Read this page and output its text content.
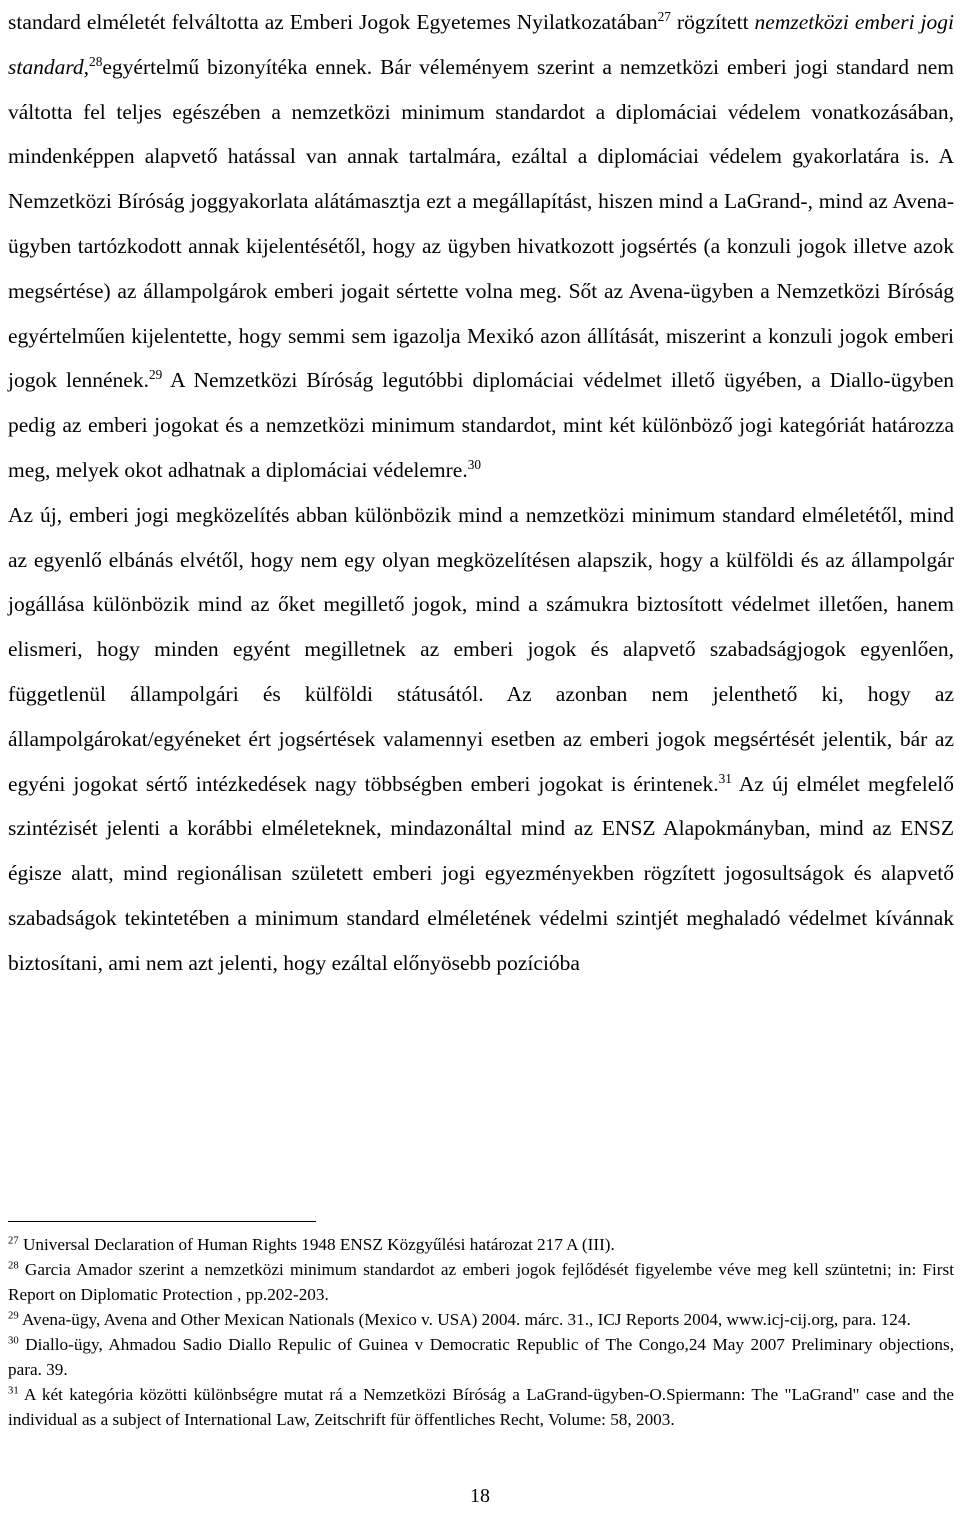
standard elméletét felváltotta az Emberi Jogok Egyetemes Nyilatkozatában$^{27}$ rögzített nemzetközi emberi jogi standard,$^{28}$egyértelmű bizonyítéka ennek. Bár véleményem szerint a nemzetközi emberi jogi standard nem váltotta fel teljes egészében a nemzetközi minimum standardot a diplomáciai védelem vonatkozásában, mindenképpen alapvető hatással van annak tartalmára, ezáltal a diplomáciai védelem gyakorlatára is. A Nemzetközi Bíróság joggyakorlata alátámasztja ezt a megállapítást, hiszen mind a LaGrand-, mind az Avena-ügyben tartózkodott annak kijelentésétől, hogy az ügyben hivatkozott jogsértés (a konzuli jogok illetve azok megsértése) az állampolgárok emberi jogait sértette volna meg. Sőt az Avena-ügyben a Nemzetközi Bíróság egyértelműen kijelentette, hogy semmi sem igazolja Mexikó azon állítását, miszerint a konzuli jogok emberi jogok lennének.$^{29}$ A Nemzetközi Bíróság legutóbbi diplomáciai védelmet illető ügyében, a Diallo-ügyben pedig az emberi jogokat és a nemzetközi minimum standardot, mint két különböző jogi kategóriát határozza meg, melyek okot adhatnak a diplomáciai védelemre.$^{30}$

Az új, emberi jogi megközelítés abban különbözik mind a nemzetközi minimum standard elméletétől, mind az egyenlő elbánás elvétől, hogy nem egy olyan megközelítésen alapszik, hogy a külföldi és az állampolgár jogállása különbözik mind az őket megillető jogok, mind a számukra biztosított védelmet illetően, hanem elismeri, hogy minden egyént megilletnek az emberi jogok és alapvető szabadságjogok egyenlően, függetlenül állampolgári és külföldi státusától. Az azonban nem jelenthető ki, hogy az állampolgárokat/egyéneket ért jogsértések valamennyi esetben az emberi jogok megsértését jelentik, bár az egyéni jogokat sértő intézkedések nagy többségben emberi jogokat is érintenek.$^{31}$ Az új elmélet megfelelő szintézisét jelenti a korábbi elméleteknek, mindazonáltal mind az ENSZ Alapokmányban, mind az ENSZ égisze alatt, mind regionálisan született emberi jogi egyezményekben rögzített jogosultságok és alapvető szabadságok tekintetében a minimum standard elméletének védelmi szintjét meghaladó védelmet kívánnak biztosítani, ami nem azt jelenti, hogy ezáltal előnyösebb pozícióba

$^{27}$ Universal Declaration of Human Rights 1948 ENSZ Közgyűlési határozat 217 A (III).

$^{28}$ Garcia Amador szerint a nemzetközi minimum standardot az emberi jogok fejlődését figyelembe véve meg kell szüntetni; in: First Report on Diplomatic Protection , pp.202-203.

$^{29}$ Avena-ügy, Avena and Other Mexican Nationals (Mexico v. USA) 2004. márc. 31., ICJ Reports 2004, www.icj-cij.org, para. 124.

$^{30}$ Diallo-ügy, Ahmadou Sadio Diallo Repulic of Guinea v Democratic Republic of The Congo,24 May 2007 Preliminary objections, para. 39.

$^{31}$ A két kategória közötti különbségre mutat rá a Nemzetközi Bíróság a LaGrand-ügyben-O.Spiermann: The "LaGrand" case and the individual as a subject of International Law, Zeitschrift für öffentliches Recht, Volume: 58, 2003.

18
